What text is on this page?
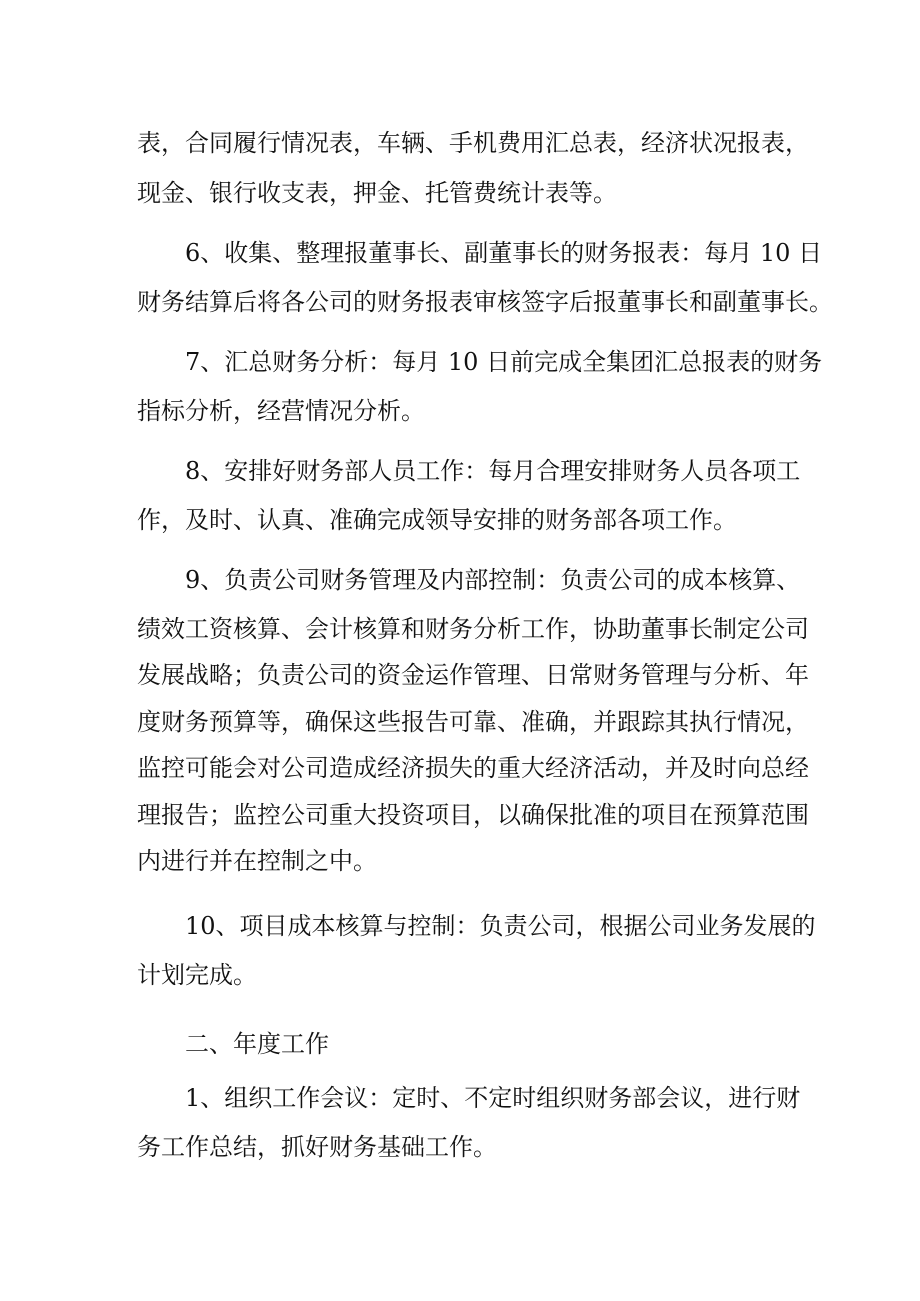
表，合同履行情况表，车辆、手机费用汇总表，经济状况报表，
现金、银行收支表，押金、托管费统计表等。
6、收集、整理报董事长、副董事长的财务报表：每月 10 日
财务结算后将各公司的财务报表审核签字后报董事长和副董事长。
7、汇总财务分析：每月 10 日前完成全集团汇总报表的财务
指标分析，经营情况分析。
8、安排好财务部人员工作：每月合理安排财务人员各项工
作，及时、认真、准确完成领导安排的财务部各项工作。
9、负责公司财务管理及内部控制：负责公司的成本核算、
绩效工资核算、会计核算和财务分析工作，协助董事长制定公司
发展战略；负责公司的资金运作管理、日常财务管理与分析、年
度财务预算等，确保这些报告可靠、准确，并跟踪其执行情况，
监控可能会对公司造成经济损失的重大经济活动，并及时向总经
理报告；监控公司重大投资项目，以确保批准的项目在预算范围
内进行并在控制之中。
10、项目成本核算与控制：负责公司，根据公司业务发展的
计划完成。
二、年度工作
1、组织工作会议：定时、不定时组织财务部会议，进行财
务工作总结，抓好财务基础工作。
